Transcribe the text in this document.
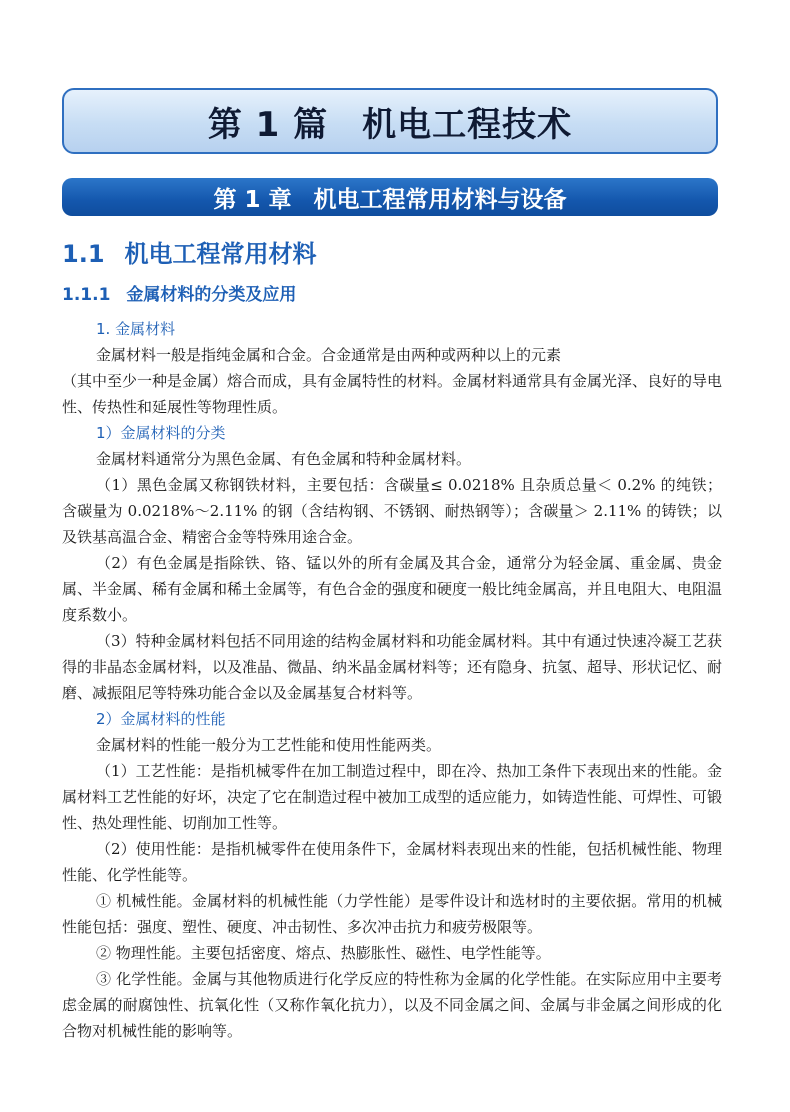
第 1 篇 机电工程技术
第 1 章 机电工程常用材料与设备
1.1 机电工程常用材料
1.1.1 金属材料的分类及应用
1. 金属材料

金属材料一般是指纯金属和合金。合金通常是由两种或两种以上的元素

（其中至少一种是金属）熔合而成，具有金属特性的材料。金属材料通常具有金属光泽、良好的导电性、传热性和延展性等物理性质。

1）金属材料的分类

金属材料通常分为黑色金属、有色金属和特种金属材料。

（1）黑色金属又称钢铁材料，主要包括：含碳量≤ 0.0218% 且杂质总量＜ 0.2% 的纯铁；含碳量为 0.0218%～2.11% 的钢（含结构钢、不锈钢、耐热钢等）；含碳量＞ 2.11% 的铸铁；以及铁基高温合金、精密合金等特殊用途合金。

（2）有色金属是指除铁、铬、锰以外的所有金属及其合金，通常分为轻金属、重金属、贵金属、半金属、稀有金属和稀土金属等，有色合金的强度和硬度一般比纯金属高，并且电阻大、电阻温度系数小。

（3）特种金属材料包括不同用途的结构金属材料和功能金属材料。其中有通过快速冷凝工艺获得的非晶态金属材料，以及准晶、微晶、纳米晶金属材料等；还有隐身、抗氢、超导、形状记忆、耐磨、减振阻尼等特殊功能合金以及金属基复合材料等。

2）金属材料的性能

金属材料的性能一般分为工艺性能和使用性能两类。

（1）工艺性能：是指机械零件在加工制造过程中，即在冷、热加工条件下表现出来的性能。金属材料工艺性能的好坏，决定了它在制造过程中被加工成型的适应能力，如铸造性能、可焊性、可锻性、热处理性能、切削加工性等。

（2）使用性能：是指机械零件在使用条件下，金属材料表现出来的性能，包括机械性能、物理性能、化学性能等。

① 机械性能。金属材料的机械性能（力学性能）是零件设计和选材时的主要依据。常用的机械性能包括：强度、塑性、硬度、冲击韧性、多次冲击抗力和疲劳极限等。

② 物理性能。主要包括密度、熔点、热膨胀性、磁性、电学性能等。

③ 化学性能。金属与其他物质进行化学反应的特性称为金属的化学性能。在实际应用中主要考虑金属的耐腐蚀性、抗氧化性（又称作氧化抗力），以及不同金属之间、金属与非金属之间形成的化合物对机械性能的影响等。
